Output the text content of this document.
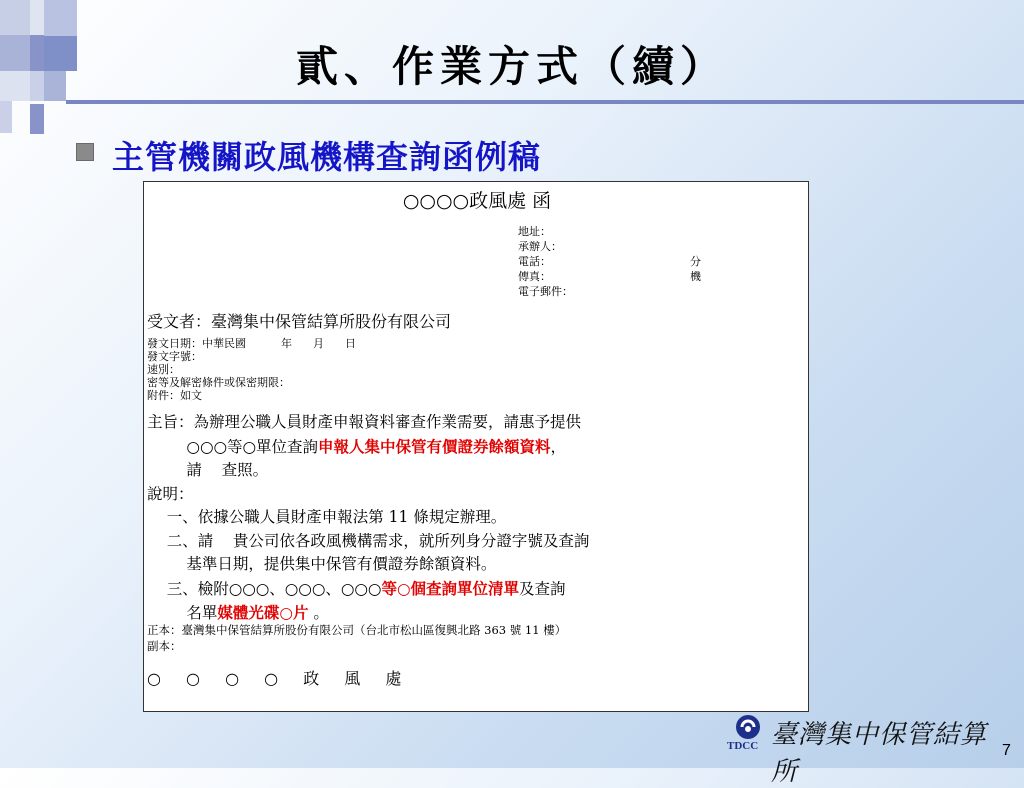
貳、作業方式（續）
主管機關政風機構查詢函例稿
○○○○政風處 函
地址：
承辦人：
電話：
傳真：
電子郵件：
分機
受文者：臺灣集中保管結算所股份有限公司
發文日期：中華民國          年      月      日
發文字號：
速別：
密等及解密條件或保密期限：
附件：如文
主旨：為辦理公職人員財產申報資料審查作業需要，請惠予提供
○○○等○單位查詢申報人集中保管有價證券餘額資料，
請    查照。
說明：
一、依據公職人員財產申報法第 11 條規定辦理。
二、請    貴公司依各政風機構需求，就所列身分證字號及查詢
基準日期，提供集中保管有價證券餘額資料。
三、檢附○○○、○○○、○○○等○個查詢單位清單及查詢
名單媒體光碟○片 。
正本：臺灣集中保管結算所股份有限公司（台北市松山區復興北路 363 號 11 樓）
副本：
○ ○ ○ ○ 政 風 處
TDCC 臺灣集中保管結算所
7
